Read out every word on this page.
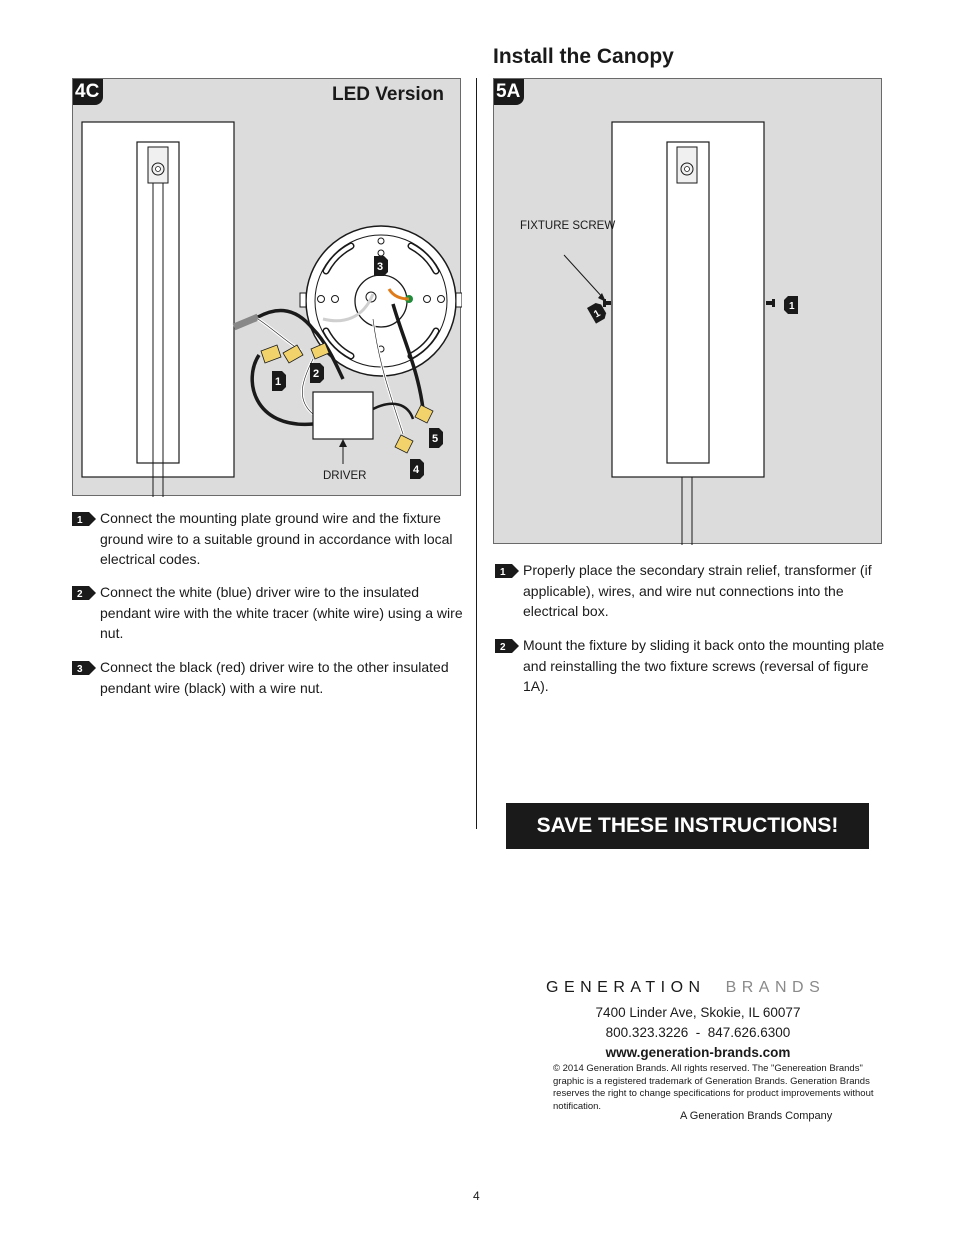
4C	LED Version
DRIVER
1
2
3
4
5
1 Connect the mounting plate ground wire and the fixture ground wire to a suitable ground in accordance with local electrical codes.
2 Connect the white (blue) driver wire to the insulated pendant wire with the white tracer (white wire) using a wire nut.
3 Connect the black (red) driver wire to the other insulated pendant wire (black) with a wire nut.
Install the Canopy
5A
FIXTURE SCREW
1
1
1 Properly place the secondary strain relief, transformer (if applicable), wires, and wire nut connections into the electrical box.
2 Mount the fixture by sliding it back onto the mounting plate and reinstalling the two fixture screws (reversal of figure 1A).
SAVE THESE INSTRUCTIONS!
GENERATION BRANDS
7400 Linder Ave, Skokie, IL 60077
800.323.3226  -  847.626.6300
www.generation-brands.com
© 2014 Generation Brands. All rights reserved. The "Genereation Brands" graphic is a registered trademark of Generation Brands. Generation Brands reserves the right to change specifications for product improvements without notification.
A Generation Brands Company
4
